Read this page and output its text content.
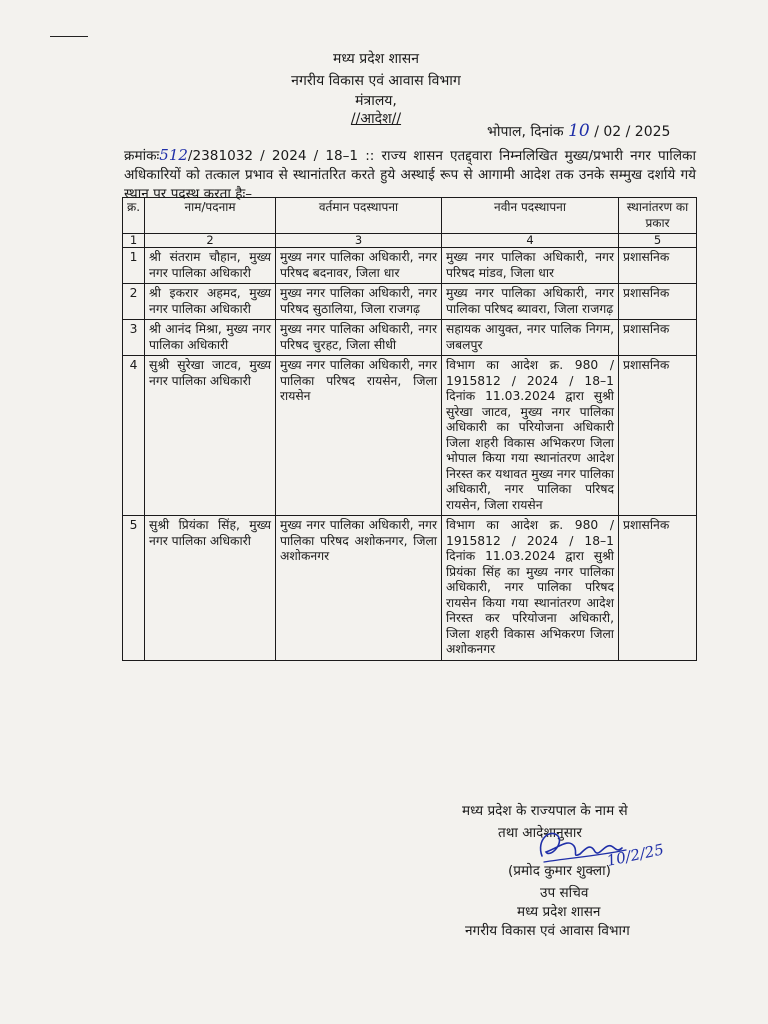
मध्य प्रदेश शासन
नगरीय विकास एवं आवास विभाग
मंत्रालय,
//आदेश//
भोपाल, दिनांक 10 / 02 / 2025
क्रमांकः512/2381032 / 2024 / 18–1 :: राज्य शासन एतद्द्वारा निम्नलिखित मुख्य/प्रभारी नगर पालिका अधिकारियों को तत्काल प्रभाव से स्थानांतरित करते हुये अस्थाई रूप से आगामी आदेश तक उनके सम्मुख दर्शाये गये स्थान पर पदस्थ करता हैः–
क्र.	नाम/पदनाम	वर्तमान पदस्थापना	नवीन पदस्थापना	स्थानांतरण का प्रकार
1	2	3	4	5
1	श्री संतराम चौहान, मुख्य नगर पालिका अधिकारी	मुख्य नगर पालिका अधिकारी, नगर परिषद बदनावर, जिला धार	मुख्य नगर पालिका अधिकारी, नगर परिषद मांडव, जिला धार	प्रशासनिक
2	श्री इकरार अहमद, मुख्य नगर पालिका अधिकारी	मुख्य नगर पालिका अधिकारी, नगर परिषद सुठालिया, जिला राजगढ़	मुख्य नगर पालिका अधिकारी, नगर पालिका परिषद ब्यावरा, जिला राजगढ़	प्रशासनिक
3	श्री आनंद मिश्रा, मुख्य नगर पालिका अधिकारी	मुख्य नगर पालिका अधिकारी, नगर परिषद चुरहट, जिला सीधी	सहायक आयुक्त, नगर पालिक निगम, जबलपुर	प्रशासनिक
4	सुश्री सुरेखा जाटव, मुख्य नगर पालिका अधिकारी	मुख्य नगर पालिका अधिकारी, नगर पालिका परिषद रायसेन, जिला रायसेन	विभाग का आदेश क्र. 980 / 1915812 / 2024 / 18–1 दिनांक 11.03.2024 द्वारा सुश्री सुरेखा जाटव, मुख्य नगर पालिका अधिकारी का परियोजना अधिकारी जिला शहरी विकास अभिकरण जिला भोपाल किया गया स्थानांतरण आदेश निरस्त कर यथावत मुख्य नगर पालिका अधिकारी, नगर पालिका परिषद रायसेन, जिला रायसेन	प्रशासनिक
5	सुश्री प्रियंका सिंह, मुख्य नगर पालिका अधिकारी	मुख्य नगर पालिका अधिकारी, नगर पालिका परिषद अशोकनगर, जिला अशोकनगर	विभाग का आदेश क्र. 980 / 1915812 / 2024 / 18–1 दिनांक 11.03.2024 द्वारा सुश्री प्रियंका सिंह का मुख्य नगर पालिका अधिकारी, नगर पालिका परिषद रायसेन किया गया स्थानांतरण आदेश निरस्त कर परियोजना अधिकारी, जिला शहरी विकास अभिकरण जिला अशोकनगर	प्रशासनिक
मध्य प्रदेश के राज्यपाल के नाम से
तथा आदेशानुसार
10/2/25
(प्रमोद कुमार शुक्ला)
उप सचिव
मध्य प्रदेश शासन
नगरीय विकास एवं आवास विभाग
